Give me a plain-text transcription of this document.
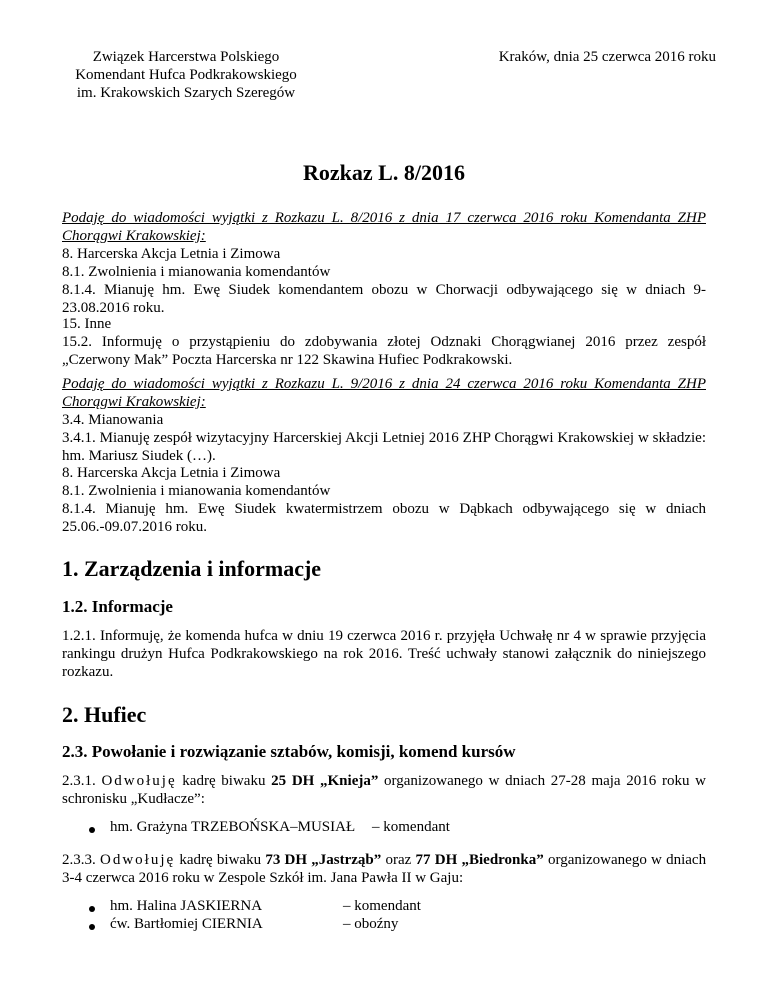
Związek Harcerstwa Polskiego
Komendant Hufca Podkrakowskiego
im. Krakowskich Szarych Szeregów
Kraków, dnia 25 czerwca 2016 roku
Rozkaz L. 8/2016
Podaję do wiadomości wyjątki z Rozkazu L. 8/2016 z dnia 17 czerwca 2016 roku Komendanta ZHP Chorągwi Krakowskiej:
8. Harcerska Akcja Letnia i Zimowa
8.1. Zwolnienia i mianowania komendantów
8.1.4. Mianuję hm. Ewę Siudek komendantem obozu w Chorwacji odbywającego się w dniach 9-23.08.2016 roku.
15. Inne
15.2. Informuję o przystąpieniu do zdobywania złotej Odznaki Chorągwianej 2016 przez zespół „Czerwony Mak” Poczta Harcerska nr 122 Skawina Hufiec Podkrakowski.
Podaję do wiadomości wyjątki z Rozkazu L. 9/2016 z dnia 24 czerwca 2016 roku Komendanta ZHP Chorągwi Krakowskiej:
3.4. Mianowania
3.4.1. Mianuję zespół wizytacyjny Harcerskiej Akcji Letniej 2016 ZHP Chorągwi Krakowskiej w składzie: hm. Mariusz Siudek (…).
8. Harcerska Akcja Letnia i Zimowa
8.1. Zwolnienia i mianowania komendantów
8.1.4. Mianuję hm. Ewę Siudek kwatermistrzem obozu w Dąbkach odbywającego się w dniach 25.06.-09.07.2016 roku.
1. Zarządzenia i informacje
1.2. Informacje
1.2.1. Informuję, że komenda hufca w dniu 19 czerwca 2016 r. przyjęła Uchwałę nr 4 w sprawie przyjęcia rankingu drużyn Hufca Podkrakowskiego na rok 2016. Treść uchwały stanowi załącznik do niniejszego rozkazu.
2. Hufiec
2.3. Powołanie i rozwiązanie sztabów, komisji, komend kursów
2.3.1. Odwołuję kadrę biwaku 25 DH „Knieja” organizowanego w dniach 27-28 maja 2016 roku w schronisku „Kudłacze”:
hm. Grażyna TRZEBOŃSKA–MUSIAŁ – komendant
2.3.3. Odwołuję kadrę biwaku 73 DH „Jastrząb” oraz 77 DH „Biedronka” organizowanego w dniach 3-4 czerwca 2016 roku w Zespole Szkół im. Jana Pawła II w Gaju:
hm. Halina JASKIERNA	– komendant
ćw. Bartłomiej CIERNIA	– oboźny
